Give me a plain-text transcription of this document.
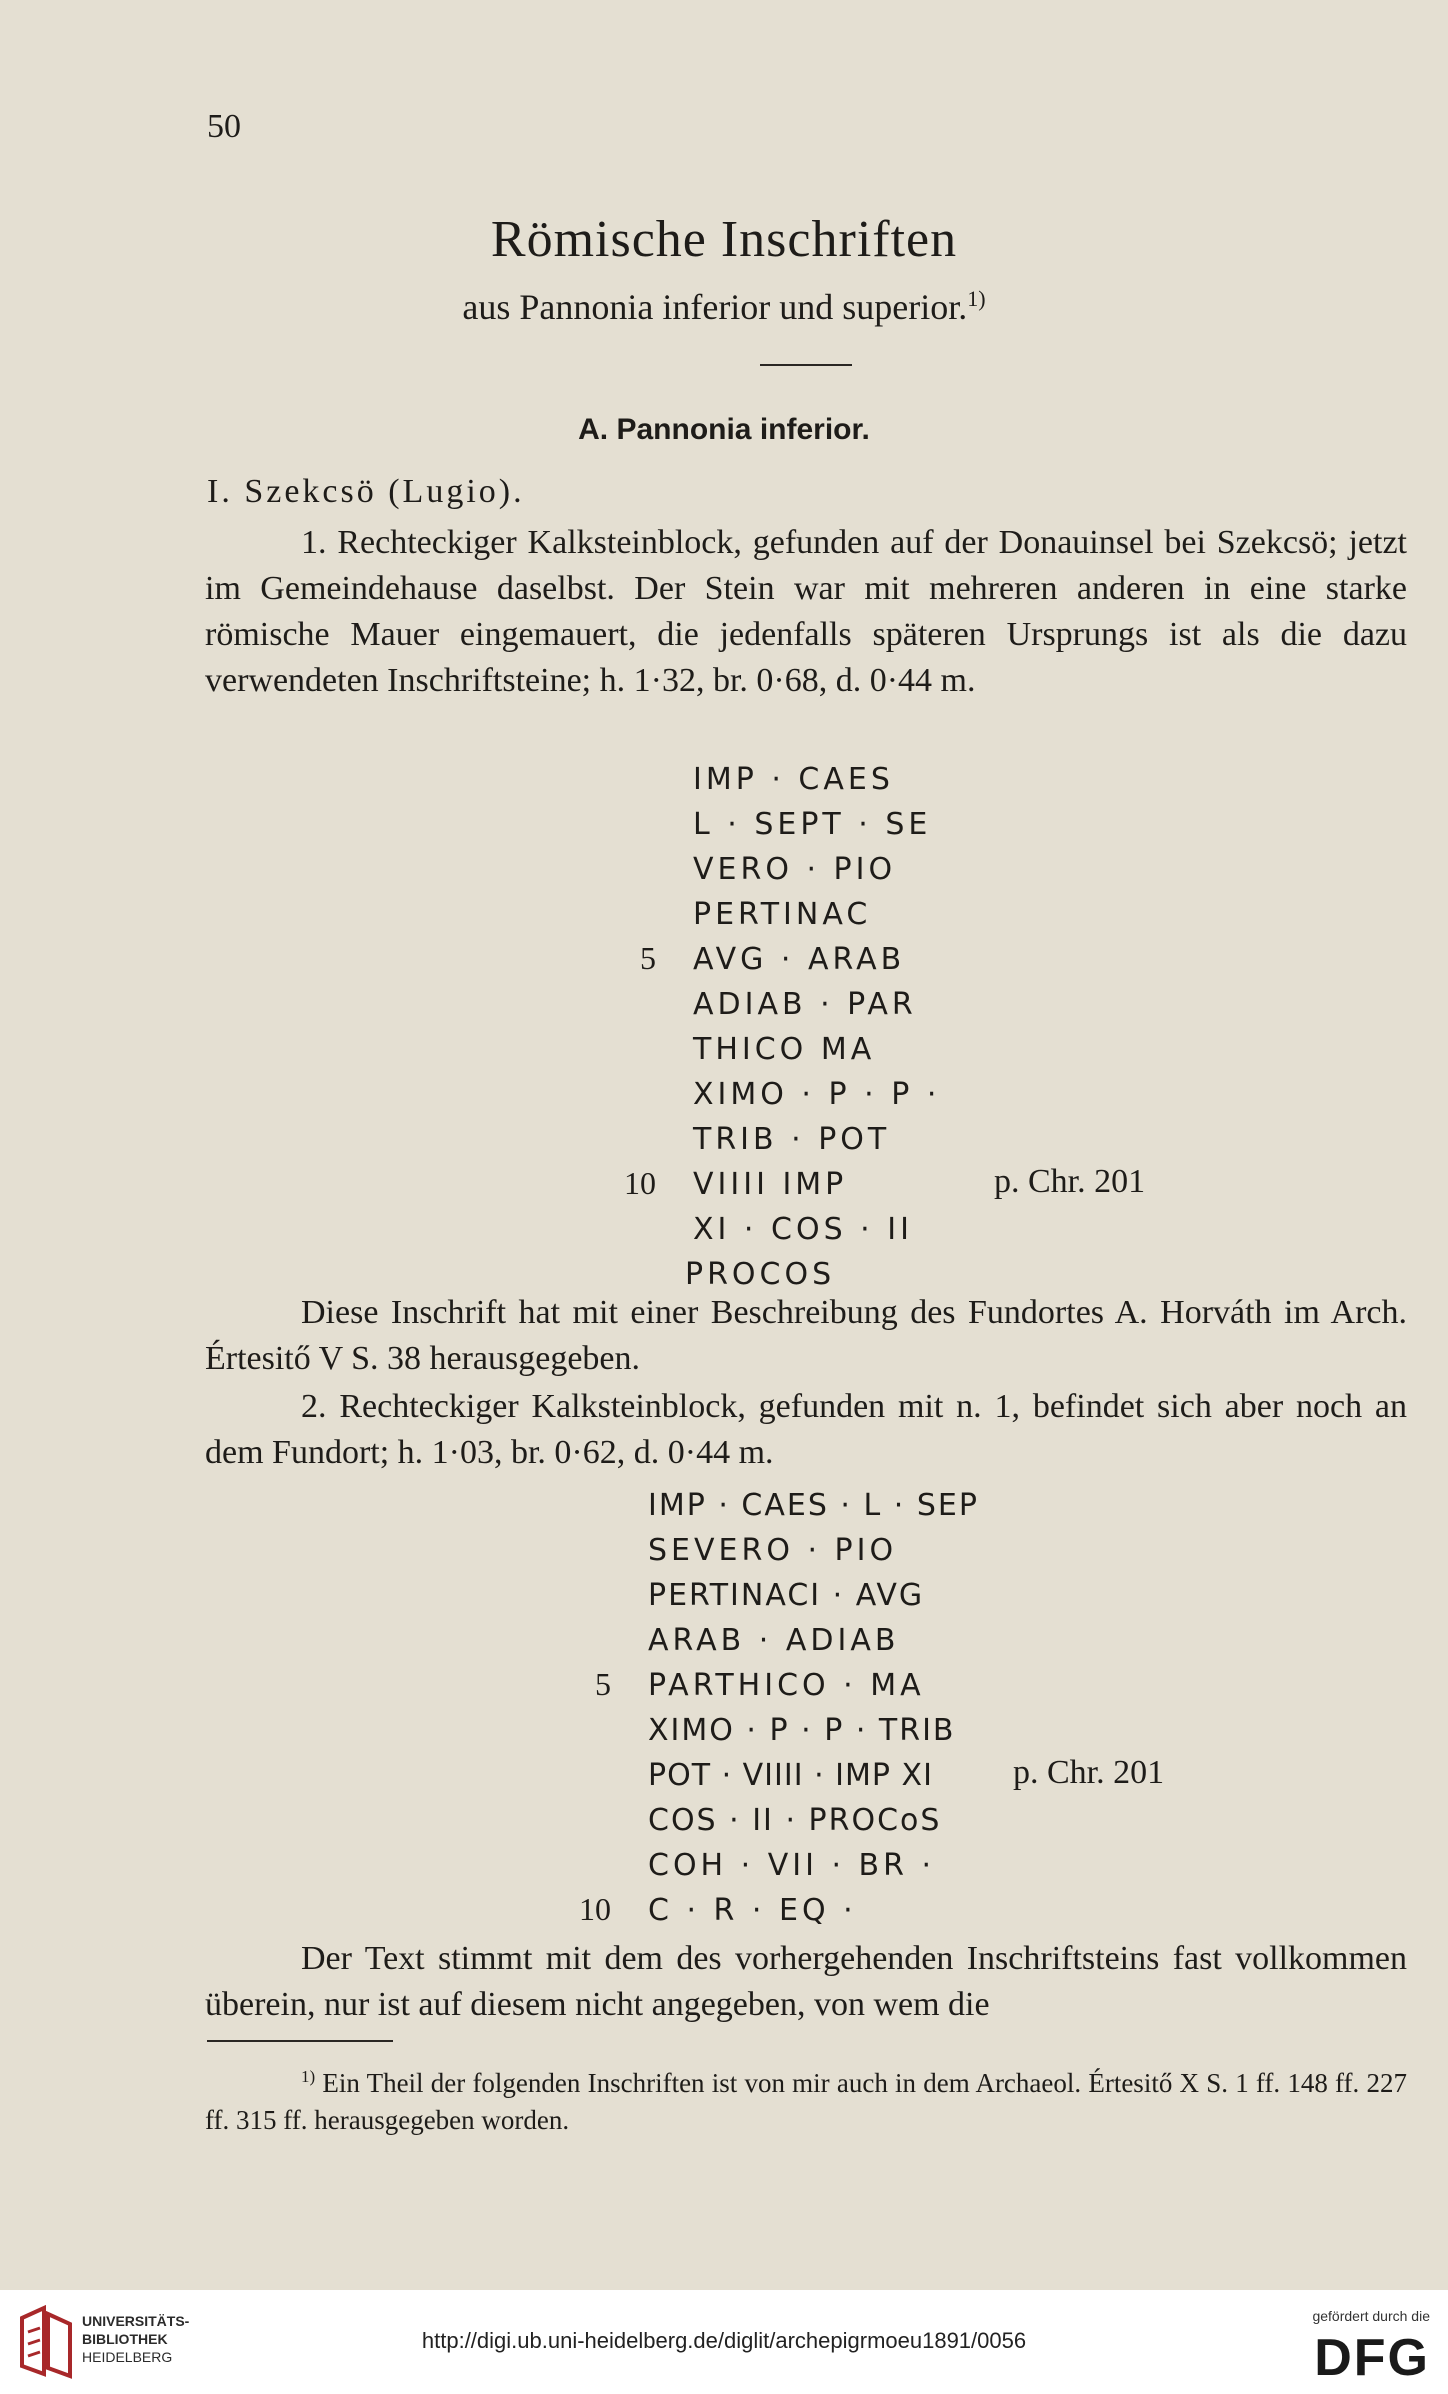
50
Römische Inschriften
aus Pannonia inferior und superior.$^{1)}$
A. Pannonia inferior.
I. Szekcsö (Lugio).

1. Rechteckiger Kalksteinblock, gefunden auf der Donauinsel bei Szekcsö; jetzt im Gemeindehause daselbst. Der Stein war mit mehreren anderen in eine starke römische Mauer eingemauert, die jedenfalls späteren Ursprungs ist als die dazu verwendeten Inschriftsteine; h. 1·32, br. 0·68, d. 0·44 m.

IMP · CAES

L · SEPT · SE

VERO · PIO

PERTINAC

AVG · ARAB

ADIAB · PAR

THICO MA

XIMO · P · P ·

TRIB · POT

VIIII IMP

XI · COS · II

PROCOS

5
10	p. Chr. 201

Diese Inschrift hat mit einer Beschreibung des Fundortes A. Horváth im Arch. Értesitő V S. 38 herausgegeben.

2. Rechteckiger Kalksteinblock, gefunden mit n. 1, befindet sich aber noch an dem Fundort; h. 1·03, br. 0·62, d. 0·44 m.

IMP · CAES · L · SEP

SEVERO · PIO

PERTINACI · AVG

ARAB · ADIAB

PARTHICO · MA

XIMO · P · P · TRIB

POT · VIIII · IMP XI

COS · II · PROCoS

COH · VII · BR ·

C · R · EQ ·

5
10
p. Chr. 201

Der Text stimmt mit dem des vorhergehenden Inschriftsteins fast vollkommen überein, nur ist auf diesem nicht angegeben, von wem die

$^{1)}$ Ein Theil der folgenden Inschriften ist von mir auch in dem Archaeol. Értesitő X S. 1 ff. 148 ff. 227 ff. 315 ff. herausgegeben worden.
UNIVERSITÄTS-
BIBLIOTHEK
HEIDELBERG
http://digi.ub.uni-heidelberg.de/diglit/archepigrmoeu1891/0056
gefördert durch die
DFG
